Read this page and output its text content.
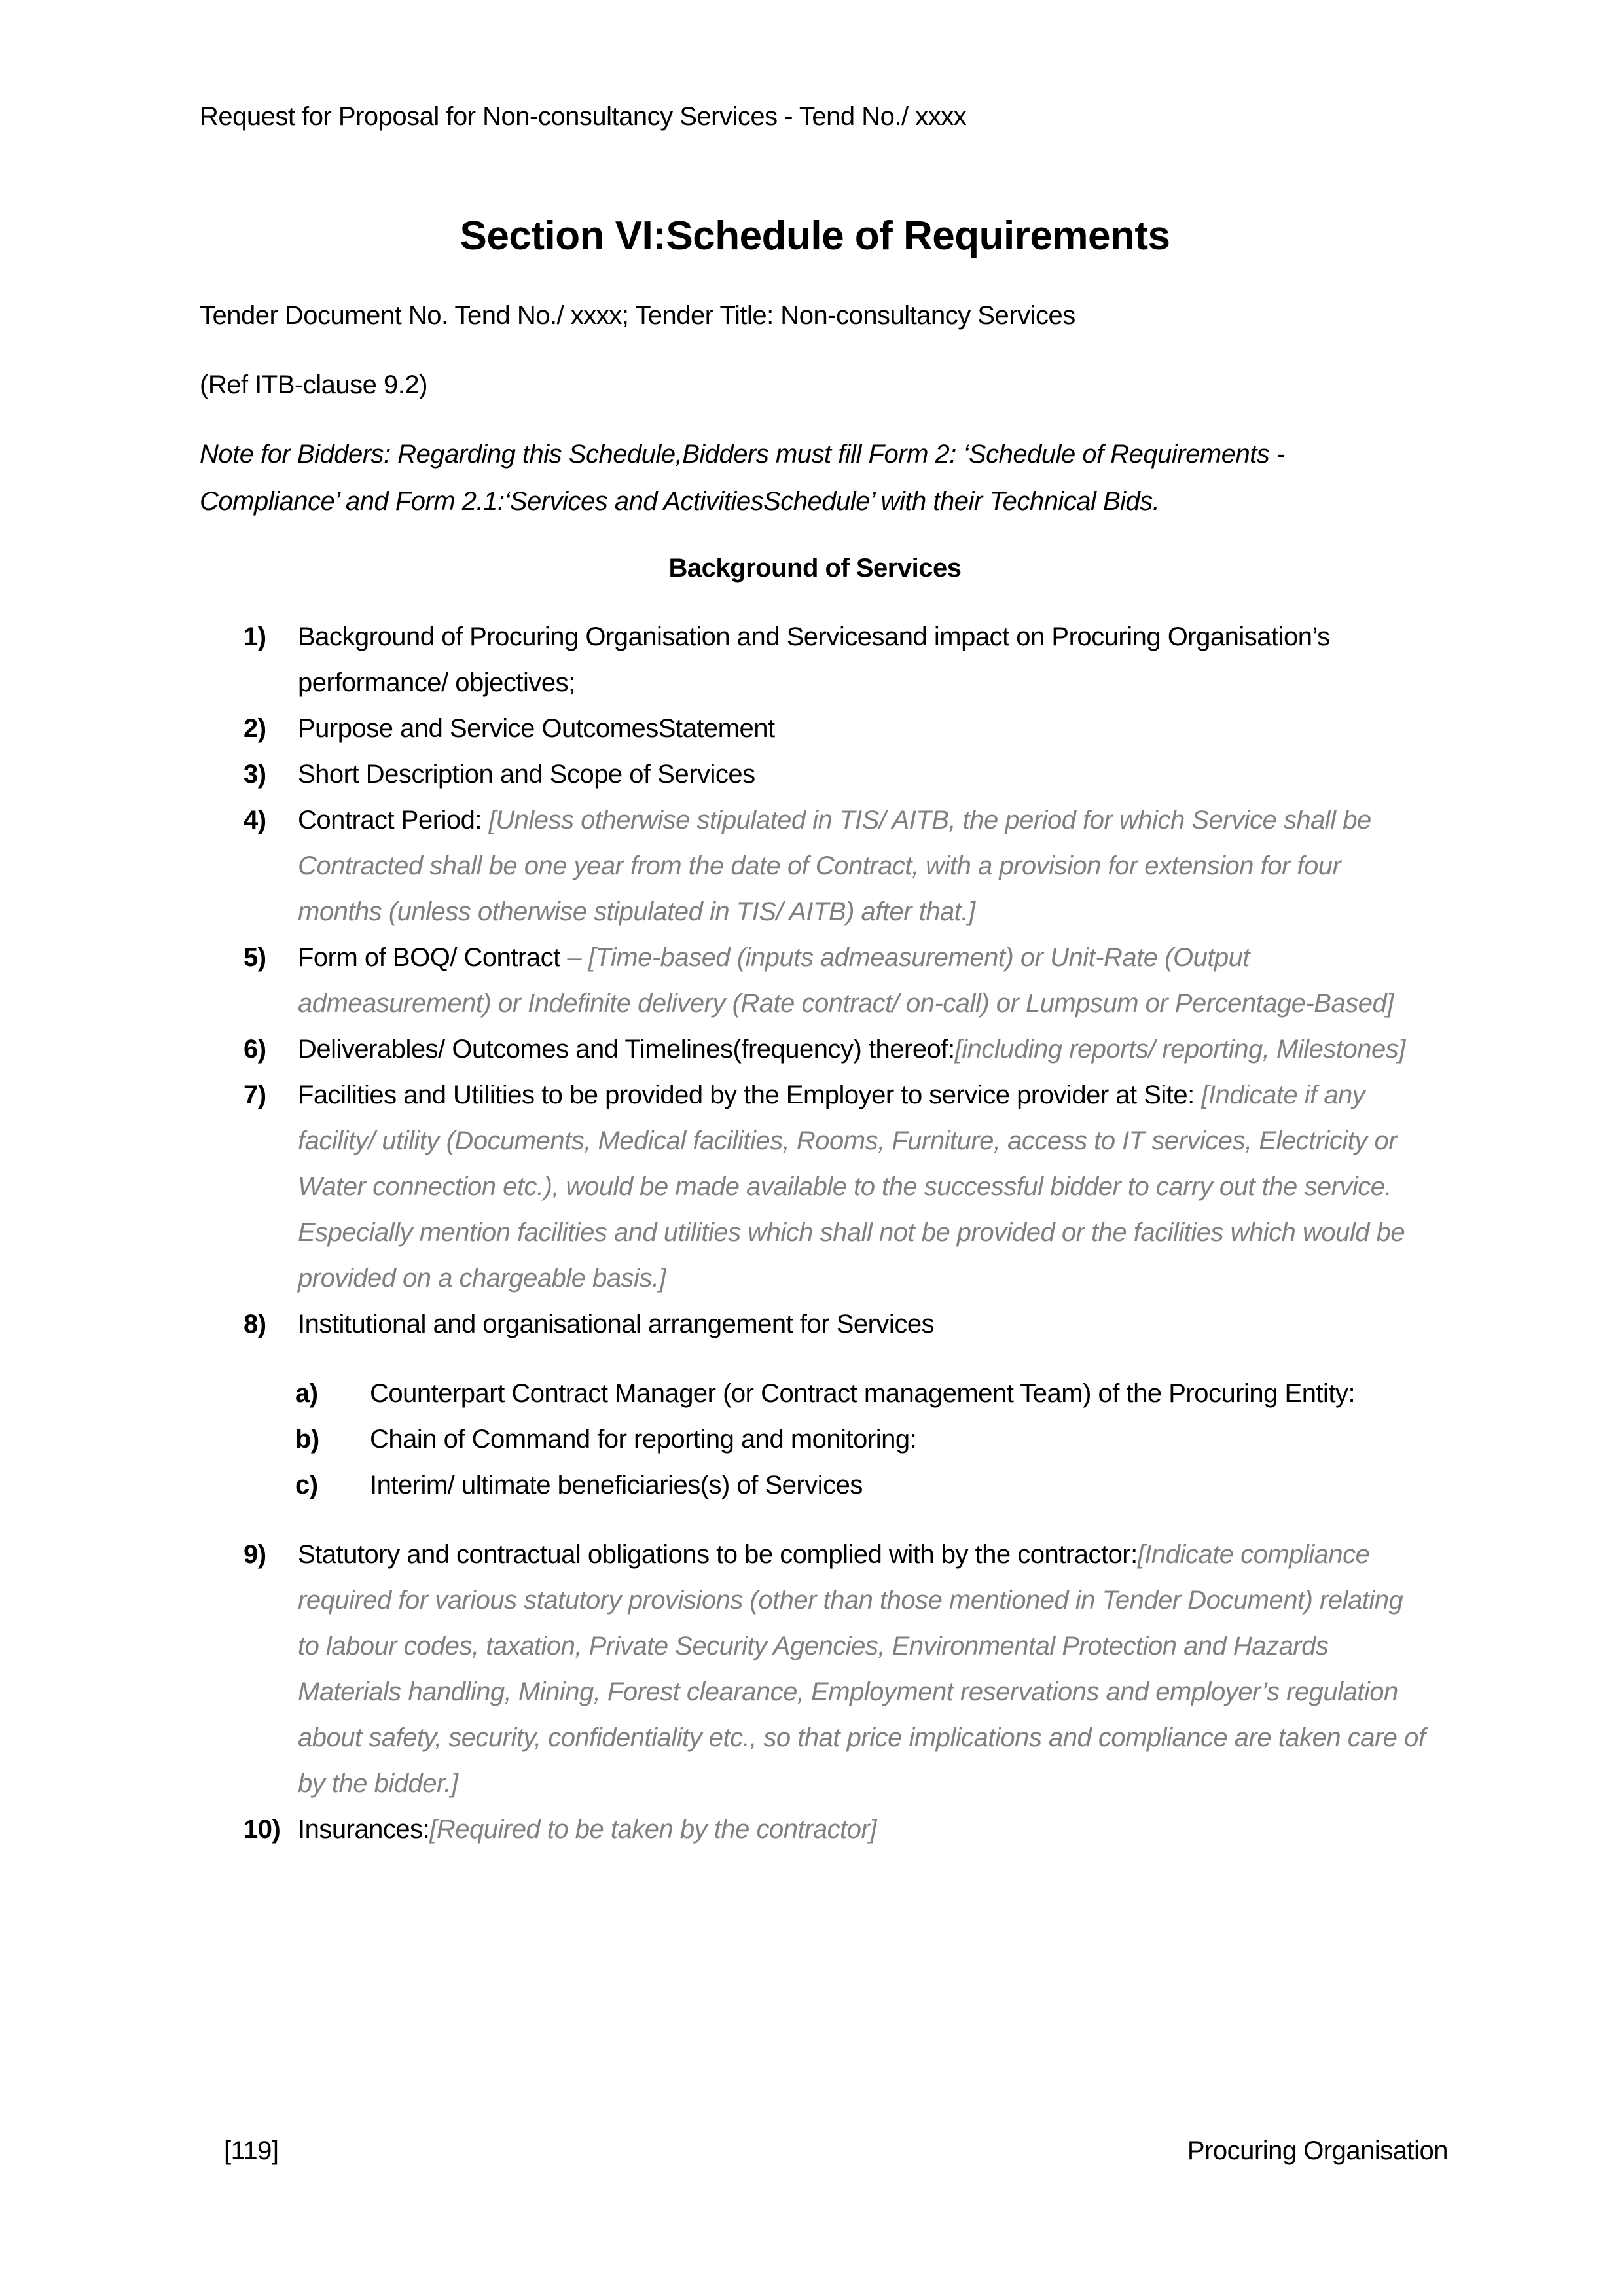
Request for Proposal for Non-consultancy Services - Tend No./ xxxx
Section VI:Schedule of Requirements
Tender Document No. Tend No./ xxxx; Tender Title: Non-consultancy Services
(Ref ITB-clause 9.2)
Note for Bidders: Regarding this Schedule,Bidders must fill Form 2: ‘Schedule of Requirements - Compliance’ and Form 2.1:‘Services and ActivitiesSchedule’ with their Technical Bids.
Background of Services
1) Background of Procuring Organisation and Servicesand impact on Procuring Organisation’s performance/ objectives;
2) Purpose and Service OutcomesStatement
3) Short Description and Scope of Services
4) Contract Period: [Unless otherwise stipulated in TIS/ AITB, the period for which Service shall be Contracted shall be one year from the date of Contract, with a provision for extension for four months (unless otherwise stipulated in TIS/ AITB) after that.]
5) Form of BOQ/ Contract – [Time-based (inputs admeasurement) or Unit-Rate (Output admeasurement) or Indefinite delivery (Rate contract/ on-call) or Lumpsum or Percentage-Based]
6) Deliverables/ Outcomes and Timelines(frequency) thereof:[including reports/ reporting, Milestones]
7) Facilities and Utilities to be provided by the Employer to service provider at Site: [Indicate if any facility/ utility (Documents, Medical facilities, Rooms, Furniture, access to IT services, Electricity or Water connection etc.), would be made available to the successful bidder to carry out the service. Especially mention facilities and utilities which shall not be provided or the facilities which would be provided on a chargeable basis.]
8) Institutional and organisational arrangement for Services
a) Counterpart Contract Manager (or Contract management Team) of the Procuring Entity:
b) Chain of Command for reporting and monitoring:
c) Interim/ ultimate beneficiaries(s) of Services
9) Statutory and contractual obligations to be complied with by the contractor:[Indicate compliance required for various statutory provisions (other than those mentioned in Tender Document) relating to labour codes, taxation, Private Security Agencies, Environmental Protection and Hazards Materials handling, Mining, Forest clearance, Employment reservations and employer’s regulation about safety, security, confidentiality etc., so that price implications and compliance are taken care of by the bidder.]
10) Insurances:[Required to be taken by the contractor]
[119]	Procuring Organisation
